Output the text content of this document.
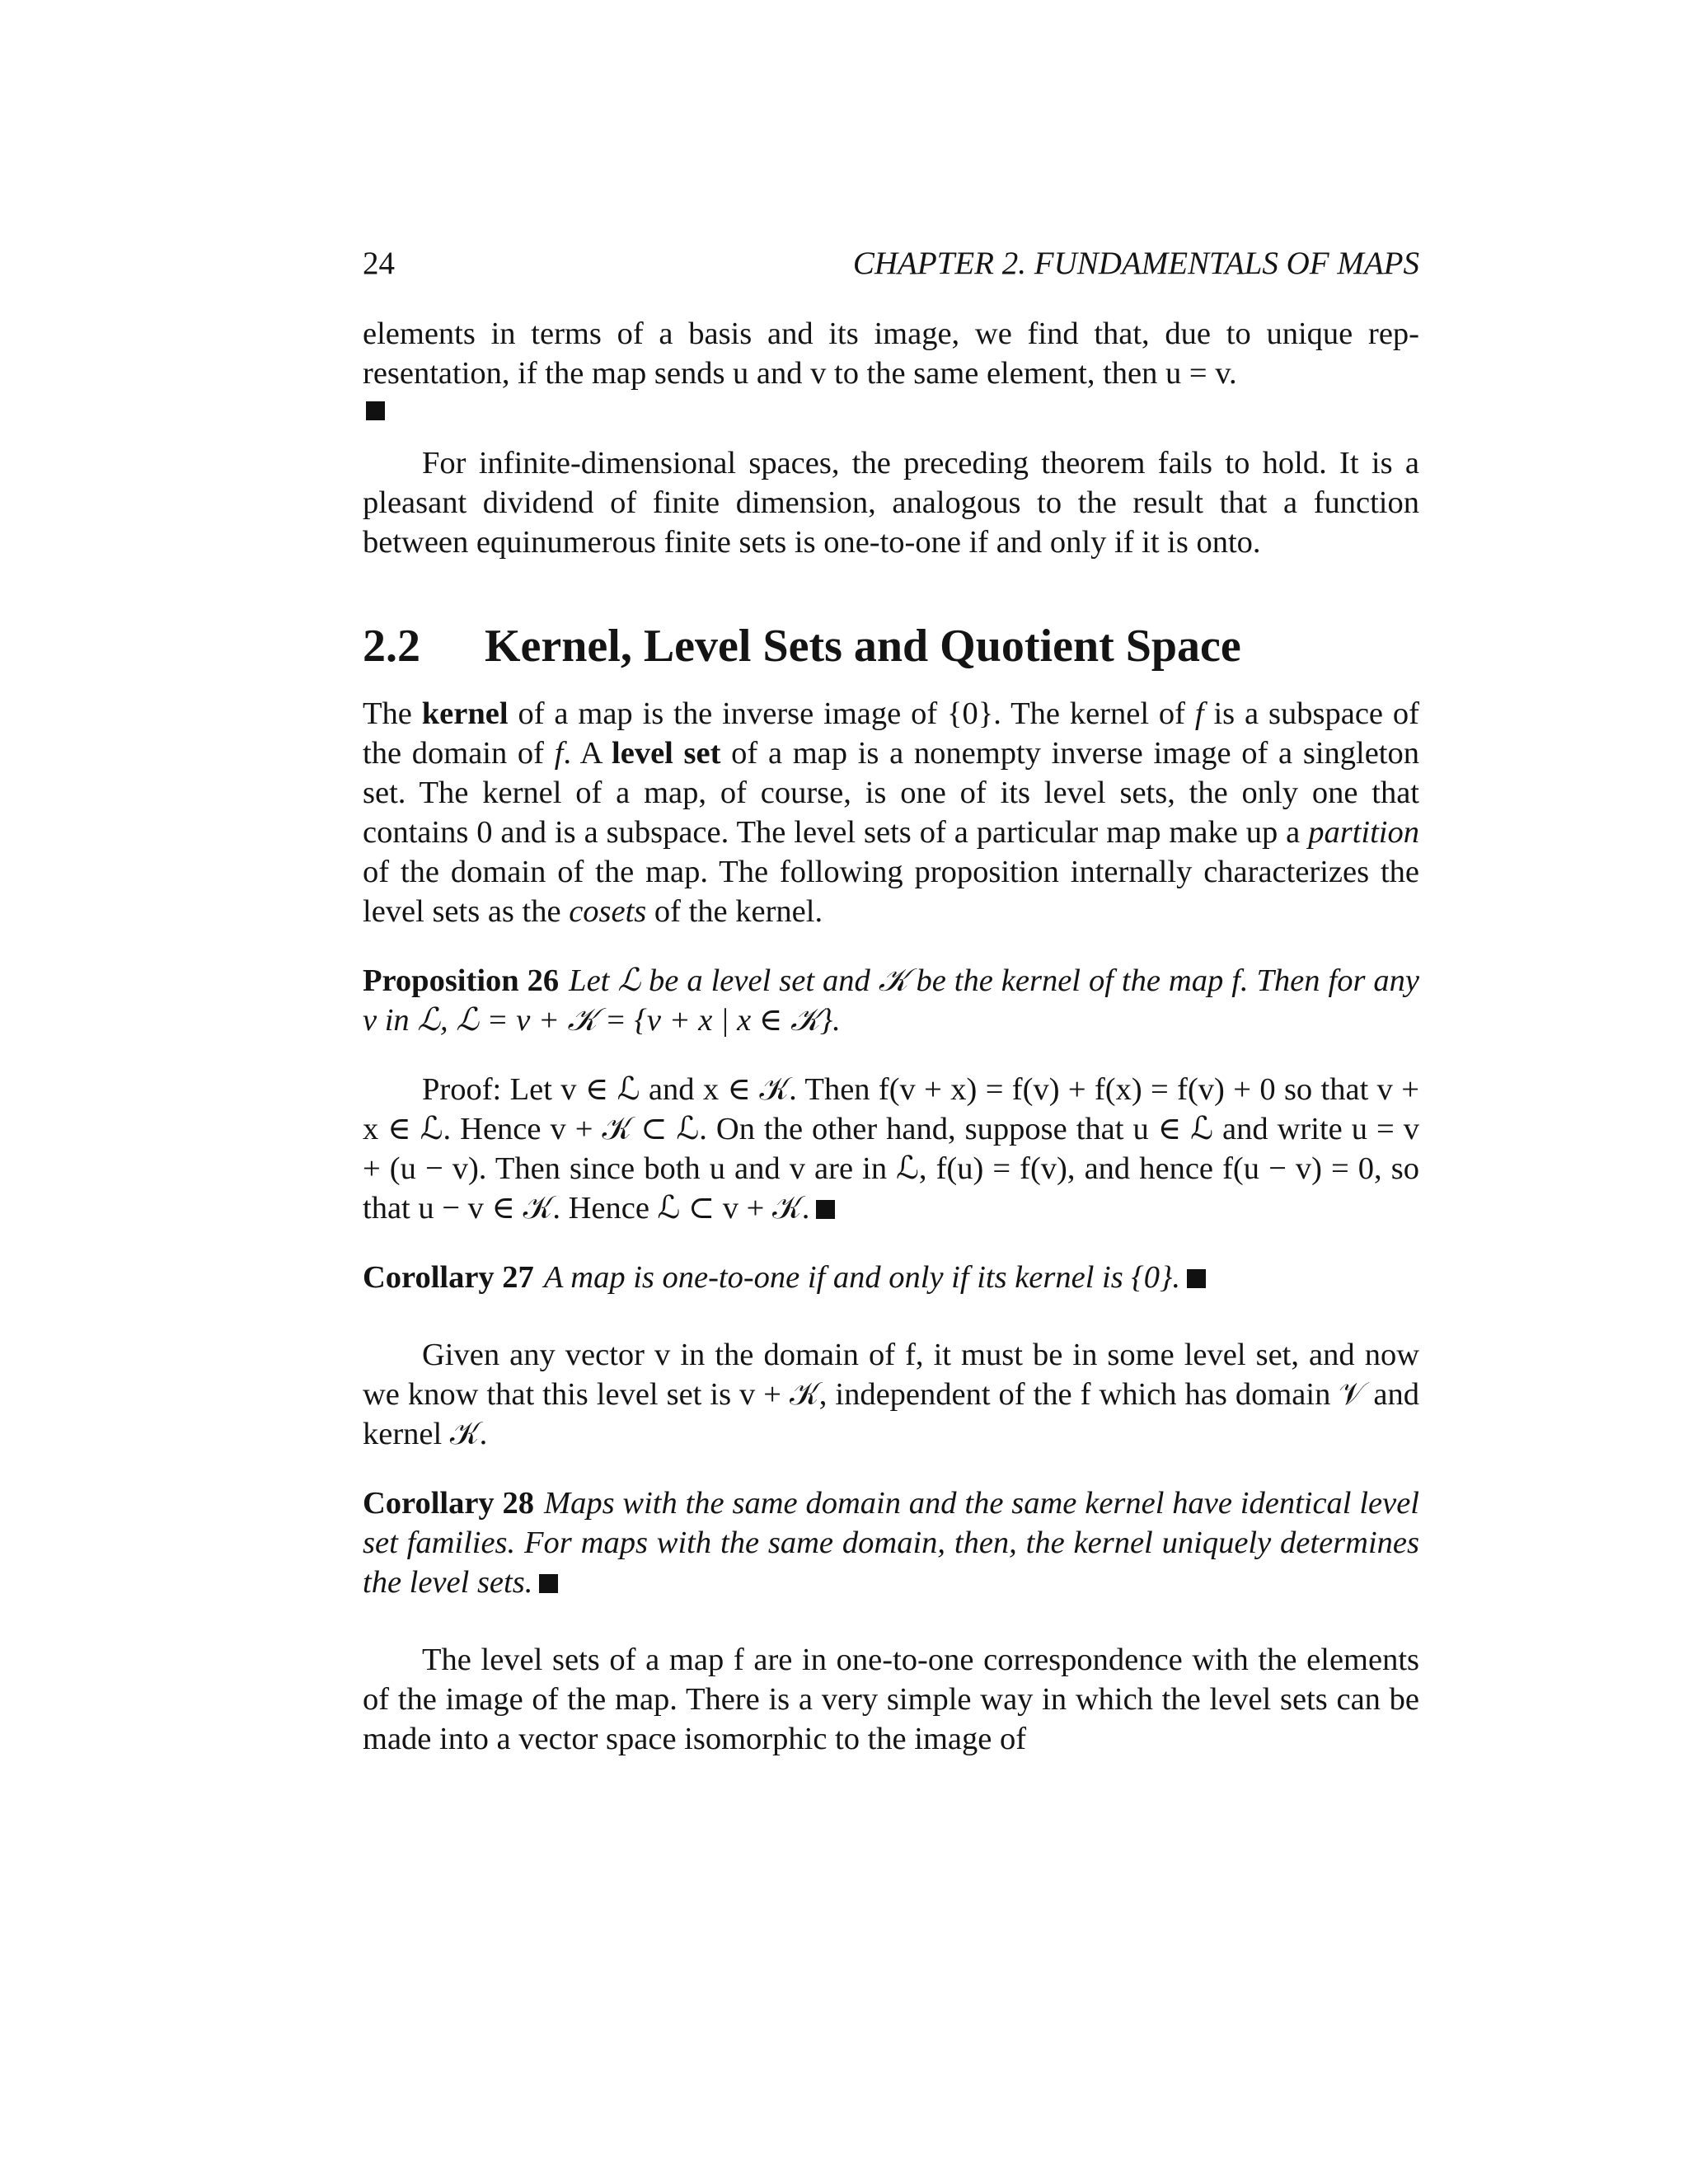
24	CHAPTER 2. FUNDAMENTALS OF MAPS

elements in terms of a basis and its image, we find that, due to unique representation, if the map sends u and v to the same element, then u = v.

For infinite-dimensional spaces, the preceding theorem fails to hold. It is a pleasant dividend of finite dimension, analogous to the result that a function between equinumerous finite sets is one-to-one if and only if it is onto.

2.2	Kernel, Level Sets and Quotient Space

The kernel of a map is the inverse image of {0}. The kernel of f is a subspace of the domain of f. A level set of a map is a nonempty inverse image of a singleton set. The kernel of a map, of course, is one of its level sets, the only one that contains 0 and is a subspace. The level sets of a particular map make up a partition of the domain of the map. The following proposition internally characterizes the level sets as the cosets of the kernel.

Proposition 26 Let ℒ be a level set and 𝒦 be the kernel of the map f. Then for any v in ℒ, ℒ = v + 𝒦 = {v + x | x ∈ 𝒦}.

Proof: Let v ∈ ℒ and x ∈ 𝒦. Then f(v + x) = f(v) + f(x) = f(v) + 0 so that v + x ∈ ℒ. Hence v + 𝒦 ⊂ ℒ. On the other hand, suppose that u ∈ ℒ and write u = v + (u − v). Then since both u and v are in ℒ, f(u) = f(v), and hence f(u − v) = 0, so that u − v ∈ 𝒦. Hence ℒ ⊂ v + 𝒦.

Corollary 27 A map is one-to-one if and only if its kernel is {0}.

Given any vector v in the domain of f, it must be in some level set, and now we know that this level set is v + 𝒦, independent of the f which has domain 𝒱 and kernel 𝒦.

Corollary 28 Maps with the same domain and the same kernel have identical level set families. For maps with the same domain, then, the kernel uniquely determines the level sets.

The level sets of a map f are in one-to-one correspondence with the elements of the image of the map. There is a very simple way in which the level sets can be made into a vector space isomorphic to the image of
